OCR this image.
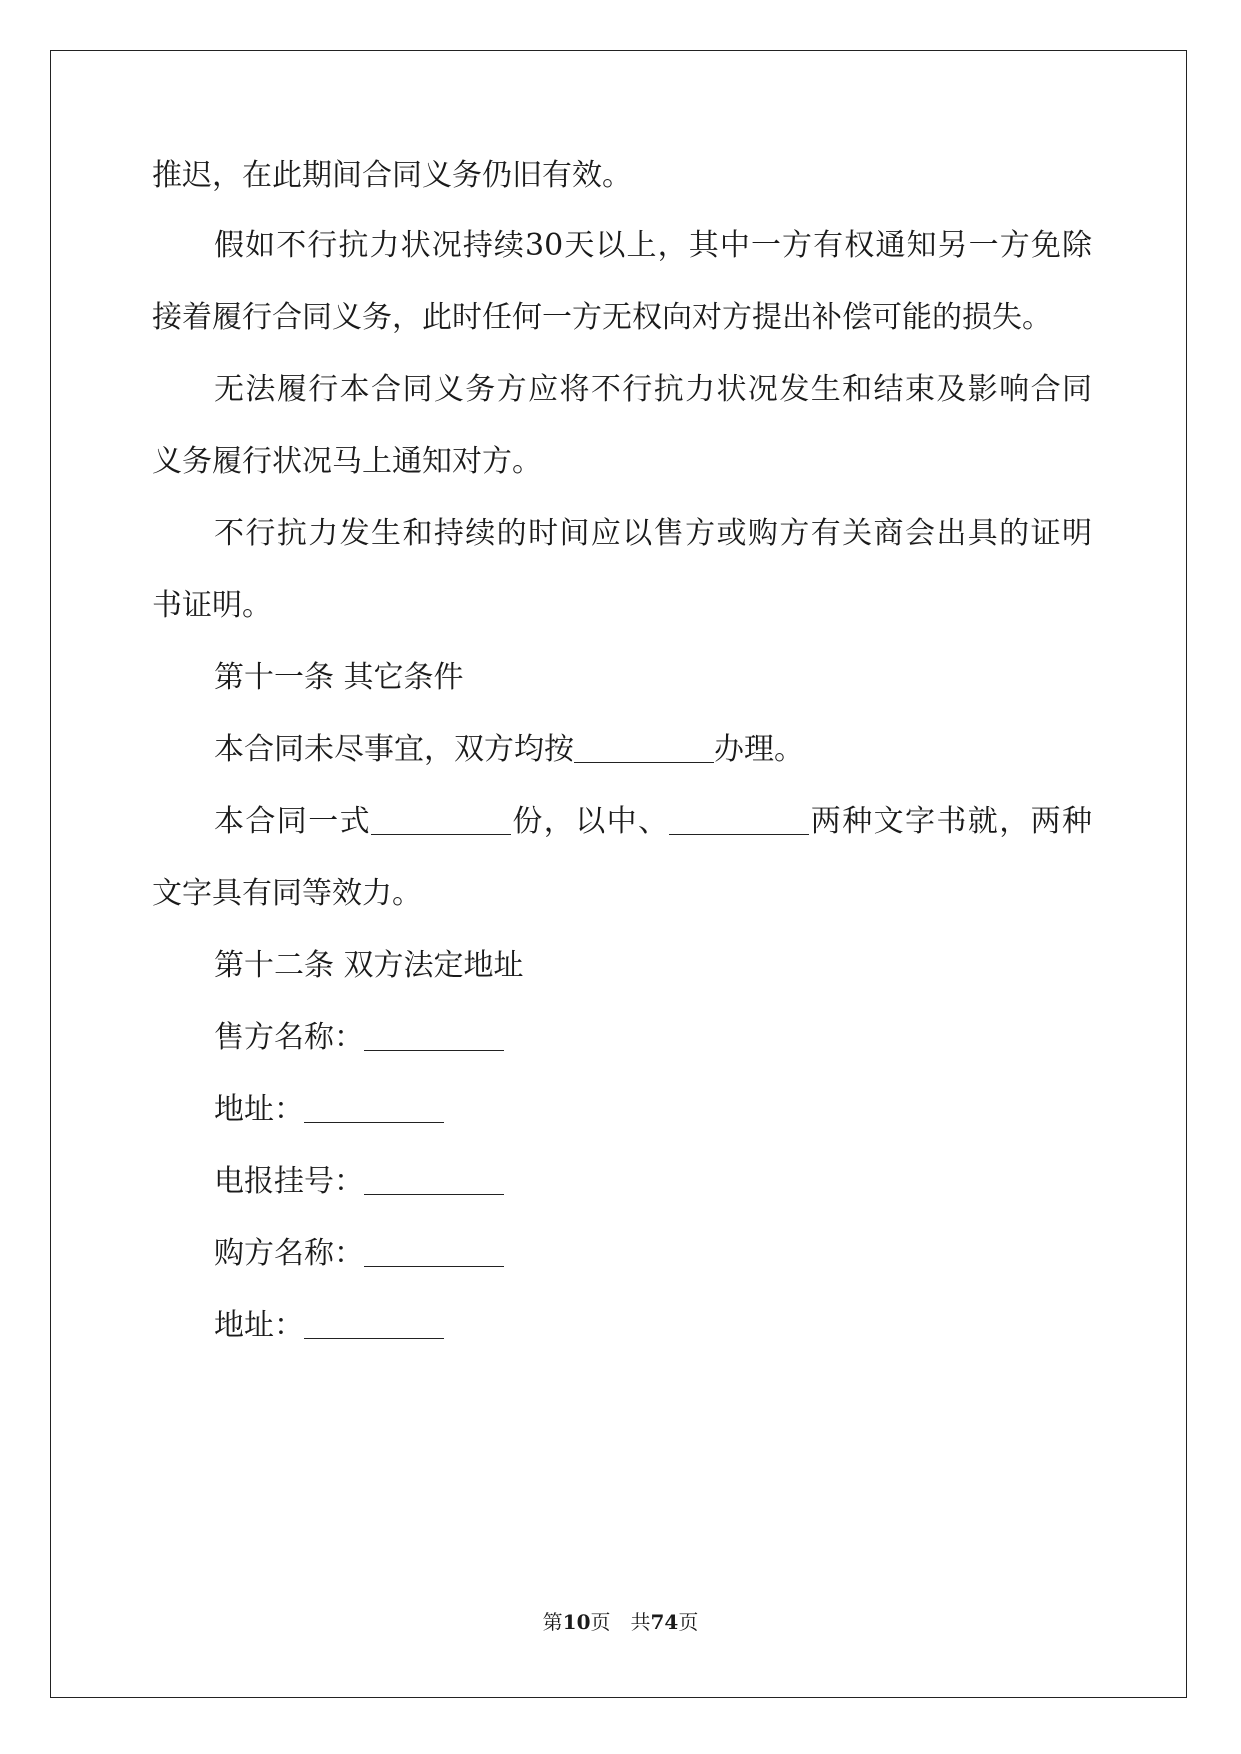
推迟，在此期间合同义务仍旧有效。
假如不行抗力状况持续30天以上，其中一方有权通知另一方免除
接着履行合同义务，此时任何一方无权向对方提出补偿可能的损失。
无法履行本合同义务方应将不行抗力状况发生和结束及影响合同
义务履行状况马上通知对方。
不行抗力发生和持续的时间应以售方或购方有关商会出具的证明
书证明。
第十一条 其它条件
本合同未尽事宜，双方均按	办理。
本合同一式	份，以中、	两种文字书就，两种
文字具有同等效力。
第十二条 双方法定地址
售方名称：
地址：
电报挂号：
购方名称：
地址：
第10页　共74页
